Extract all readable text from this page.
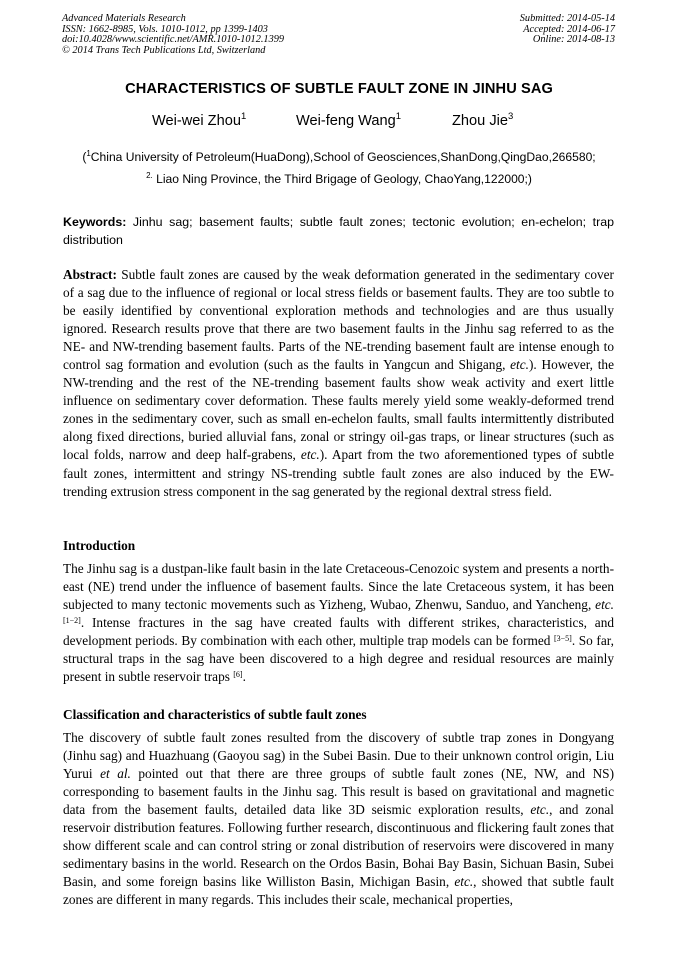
Advanced Materials Research
ISSN: 1662-8985, Vols. 1010-1012, pp 1399-1403
doi:10.4028/www.scientific.net/AMR.1010-1012.1399
© 2014 Trans Tech Publications Ltd, Switzerland
Submitted: 2014-05-14
Accepted: 2014-06-17
Online: 2014-08-13
CHARACTERISTICS OF SUBTLE FAULT ZONE IN JINHU SAG
Wei-wei Zhou$^1$	Wei-feng Wang$^1$	Zhou Jie$^3$
($^1$China University of Petroleum(HuaDong),School of Geosciences,ShanDong,QingDao,266580;
$^{2.}$ Liao Ning Province, the Third Brigage of Geology, ChaoYang,122000;)
Keywords: Jinhu sag; basement faults; subtle fault zones; tectonic evolution; en-echelon; trap distribution
Abstract: Subtle fault zones are caused by the weak deformation generated in the sedimentary cover of a sag due to the influence of regional or local stress fields or basement faults. They are too subtle to be easily identified by conventional exploration methods and technologies and are thus usually ignored. Research results prove that there are two basement faults in the Jinhu sag referred to as the NE- and NW-trending basement faults. Parts of the NE-trending basement fault are intense enough to control sag formation and evolution (such as the faults in Yangcun and Shigang, etc.). However, the NW-trending and the rest of the NE-trending basement faults show weak activity and exert little influence on sedimentary cover deformation. These faults merely yield some weakly-deformed trend zones in the sedimentary cover, such as small en-echelon faults, small faults intermittently distributed along fixed directions, buried alluvial fans, zonal or stringy oil-gas traps, or linear structures (such as local folds, narrow and deep half-grabens, etc.). Apart from the two aforementioned types of subtle fault zones, intermittent and stringy NS-trending subtle fault zones are also induced by the EW-trending extrusion stress component in the sag generated by the regional dextral stress field.
Introduction
The Jinhu sag is a dustpan-like fault basin in the late Cretaceous-Cenozoic system and presents a north-east (NE) trend under the influence of basement faults. Since the late Cretaceous system, it has been subjected to many tectonic movements such as Yizheng, Wubao, Zhenwu, Sanduo, and Yancheng, etc. [1−2]. Intense fractures in the sag have created faults with different strikes, characteristics, and development periods. By combination with each other, multiple trap models can be formed [3−5]. So far, structural traps in the sag have been discovered to a high degree and residual resources are mainly present in subtle reservoir traps [6].
Classification and characteristics of subtle fault zones
The discovery of subtle fault zones resulted from the discovery of subtle trap zones in Dongyang (Jinhu sag) and Huazhuang (Gaoyou sag) in the Subei Basin. Due to their unknown control origin, Liu Yurui et al. pointed out that there are three groups of subtle fault zones (NE, NW, and NS) corresponding to basement faults in the Jinhu sag. This result is based on gravitational and magnetic data from the basement faults, detailed data like 3D seismic exploration results, etc., and zonal reservoir distribution features. Following further research, discontinuous and flickering fault zones that show different scale and can control string or zonal distribution of reservoirs were discovered in many sedimentary basins in the world. Research on the Ordos Basin, Bohai Bay Basin, Sichuan Basin, Subei Basin, and some foreign basins like Williston Basin, Michigan Basin, etc., showed that subtle fault zones are different in many regards. This includes their scale, mechanical properties,
